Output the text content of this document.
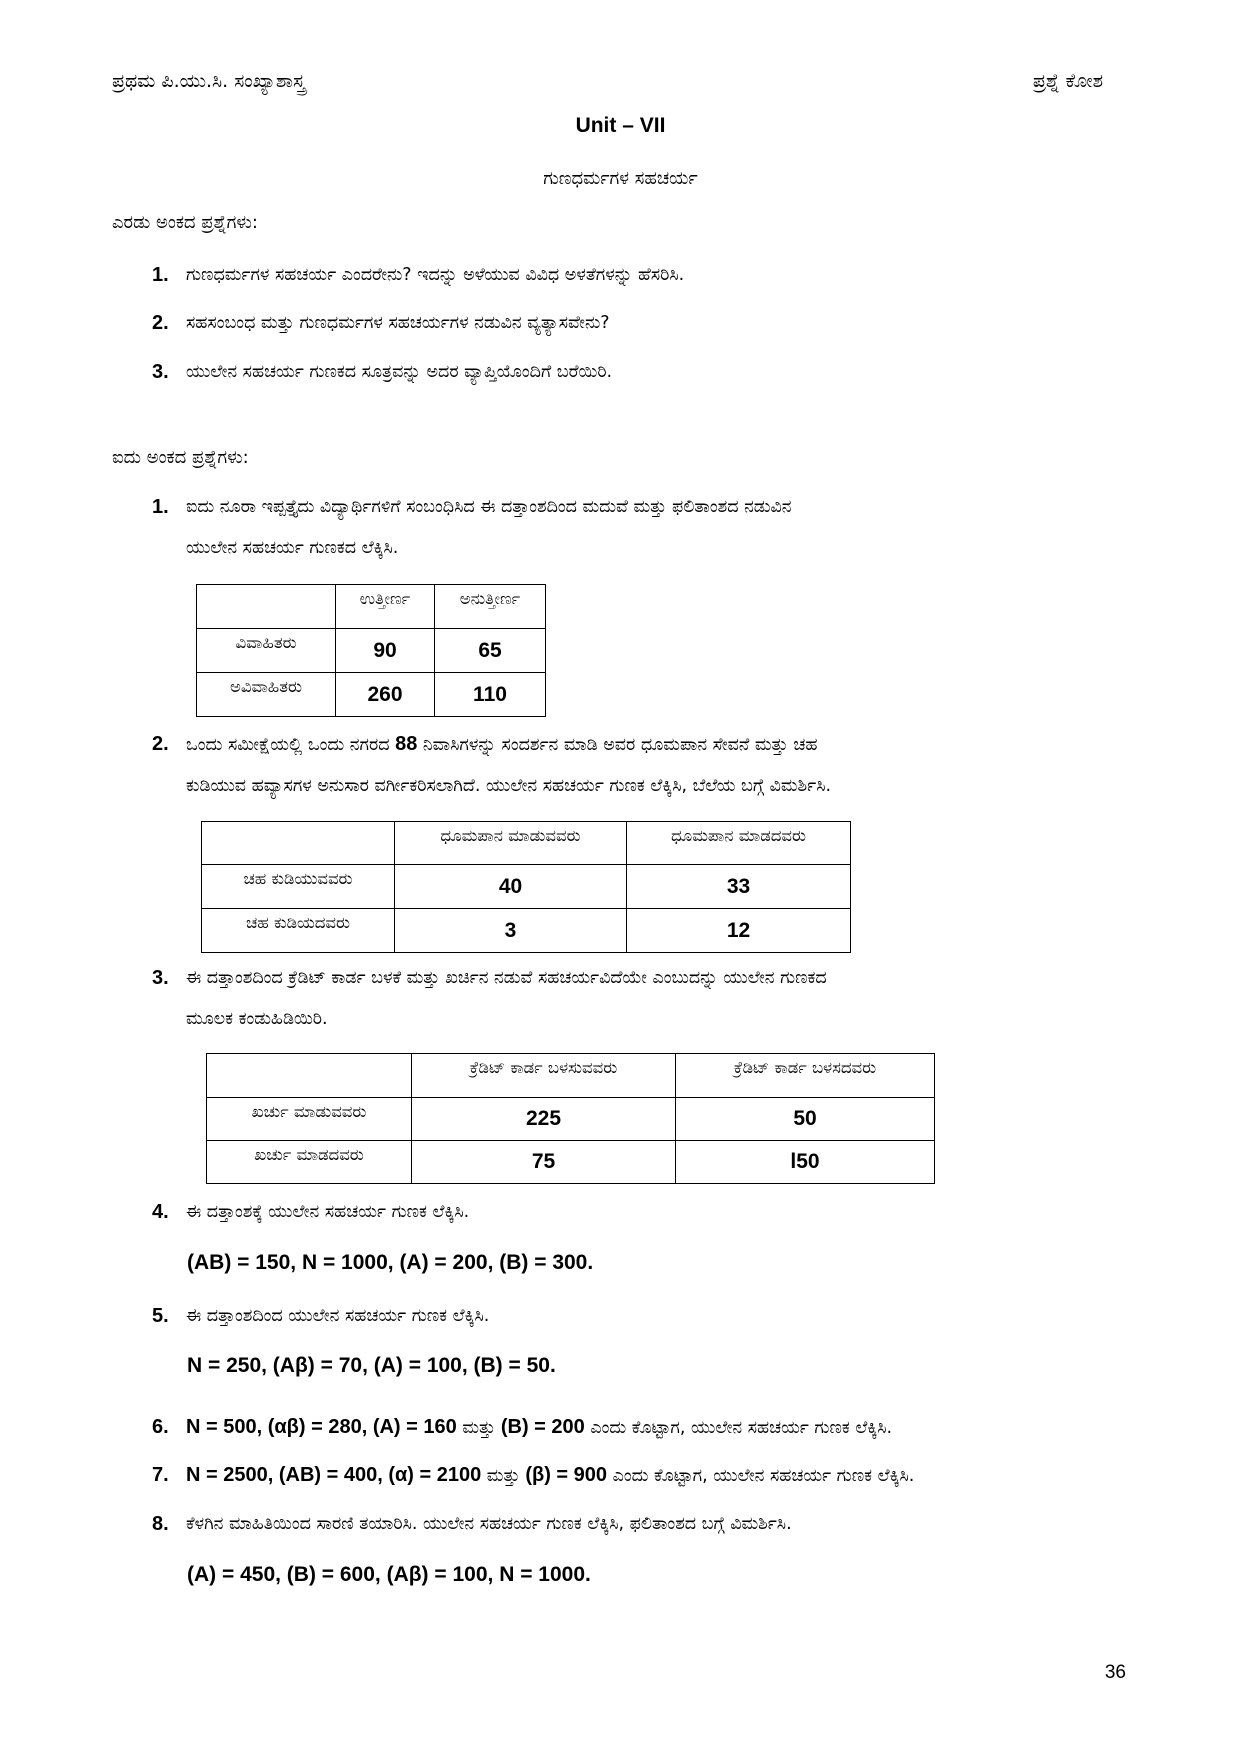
ಪ್ರಥಮ ಪಿ.ಯು.ಸಿ. ಸಂಖ್ಯಾಶಾಸ್ತ್ರ	ಪ್ರಶ್ನೆ ಕೋಶ
Unit – VII
ಗುಣಧರ್ಮಗಳ ಸಹಚರ್ಯ
ಎರಡು ಅಂಕದ ಪ್ರಶ್ನೆಗಳು:
1. ಗುಣಧರ್ಮಗಳ ಸಹಚರ್ಯ ಎಂದರೇನು? ಇದನ್ನು ಅಳೆಯುವ ವಿವಿಧ ಅಳತೆಗಳನ್ನು ಹೆಸರಿಸಿ.
2. ಸಹಸಂಬಂಧ ಮತ್ತು ಗುಣಧರ್ಮಗಳ ಸಹಚರ್ಯಗಳ ನಡುವಿನ ವ್ಯತ್ಯಾಸವೇನು?
3. ಯುಲೇನ ಸಹಚರ್ಯ ಗುಣಕದ ಸೂತ್ರವನ್ನು ಅದರ ವ್ಯಾಪ್ತಿಯೊಂದಿಗೆ ಬರೆಯಿರಿ.
ಐದು ಅಂಕದ ಪ್ರಶ್ನೆಗಳು:
1. ಐದು ನೂರಾ ಇಪ್ಪತ್ತೈದು ವಿದ್ಯಾರ್ಥಿಗಳಿಗೆ ಸಂಬಂಧಿಸಿದ ಈ ದತ್ತಾಂಶದಿಂದ ಮದುವೆ ಮತ್ತು ಫಲಿತಾಂಶದ ನಡುವಿನ
ಯುಲೇನ ಸಹಚರ್ಯ ಗುಣಕದ ಲೆಕ್ಕಿಸಿ.
	ಉತ್ತೀರ್ಣ	ಅನುತ್ತೀರ್ಣ
ವಿವಾಹಿತರು	90	65
ಅವಿವಾಹಿತರು	260	110
2. ಒಂದು ಸಮೀಕ್ಷೆಯಲ್ಲಿ ಒಂದು ನಗರದ 88 ನಿವಾಸಿಗಳನ್ನು ಸಂದರ್ಶನ ಮಾಡಿ ಅವರ ಧೂಮಪಾನ ಸೇವನೆ ಮತ್ತು ಚಹ
ಕುಡಿಯುವ ಹವ್ಯಾಸಗಳ ಅನುಸಾರ ವರ್ಗೀಕರಿಸಲಾಗಿದೆ. ಯುಲೇನ ಸಹಚರ್ಯ ಗುಣಕ ಲೆಕ್ಕಿಸಿ, ಬೆಲೆಯ ಬಗ್ಗೆ ವಿಮರ್ಶಿಸಿ.
	ಧೂಮಪಾನ ಮಾಡುವವರು	ಧೂಮಪಾನ ಮಾಡದವರು
ಚಹ ಕುಡಿಯುವವರು	40	33
ಚಹ ಕುಡಿಯದವರು	3	12
3. ಈ ದತ್ತಾಂಶದಿಂದ ಕ್ರೆಡಿಟ್ ಕಾರ್ಡ ಬಳಕೆ ಮತ್ತು ಖರ್ಚಿನ ನಡುವೆ ಸಹಚರ್ಯವಿದೆಯೇ ಎಂಬುದನ್ನು ಯುಲೇನ ಗುಣಕದ
ಮೂಲಕ ಕಂಡುಹಿಡಿಯಿರಿ.
	ಕ್ರೆಡಿಟ್ ಕಾರ್ಡ ಬಳಸುವವರು	ಕ್ರೆಡಿಟ್ ಕಾರ್ಡ ಬಳಸದವರು
ಖರ್ಚು ಮಾಡುವವರು	225	50
ಖರ್ಚು ಮಾಡದವರು	75	l50
4. ಈ ದತ್ತಾಂಶಕ್ಕೆ ಯುಲೇನ ಸಹಚರ್ಯ ಗುಣಕ ಲೆಕ್ಕಿಸಿ.
(AB) = 150, N = 1000, (A) = 200, (B) = 300.
5. ಈ ದತ್ತಾಂಶದಿಂದ ಯುಲೇನ ಸಹಚರ್ಯ ಗುಣಕ ಲೆಕ್ಕಿಸಿ.
N = 250, (Aβ) = 70, (A) = 100, (B) = 50.
6. N = 500, (αβ) = 280, (A) = 160 ಮತ್ತು (B) = 200 ಎಂದು ಕೊಟ್ಟಾಗ, ಯುಲೇನ ಸಹಚರ್ಯ ಗುಣಕ ಲೆಕ್ಕಿಸಿ.
7. N = 2500, (AB) = 400, (α) = 2100 ಮತ್ತು (β) = 900 ಎಂದು ಕೊಟ್ಟಾಗ, ಯುಲೇನ ಸಹಚರ್ಯ ಗುಣಕ ಲೆಕ್ಕಿಸಿ.
8. ಕೆಳಗಿನ ಮಾಹಿತಿಯಿಂದ ಸಾರಣಿ ತಯಾರಿಸಿ. ಯುಲೇನ ಸಹಚರ್ಯ ಗುಣಕ ಲೆಕ್ಕಿಸಿ, ಫಲಿತಾಂಶದ ಬಗ್ಗೆ ವಿಮರ್ಶಿಸಿ.
(A) = 450, (B) = 600, (Aβ) = 100, N = 1000.
36
